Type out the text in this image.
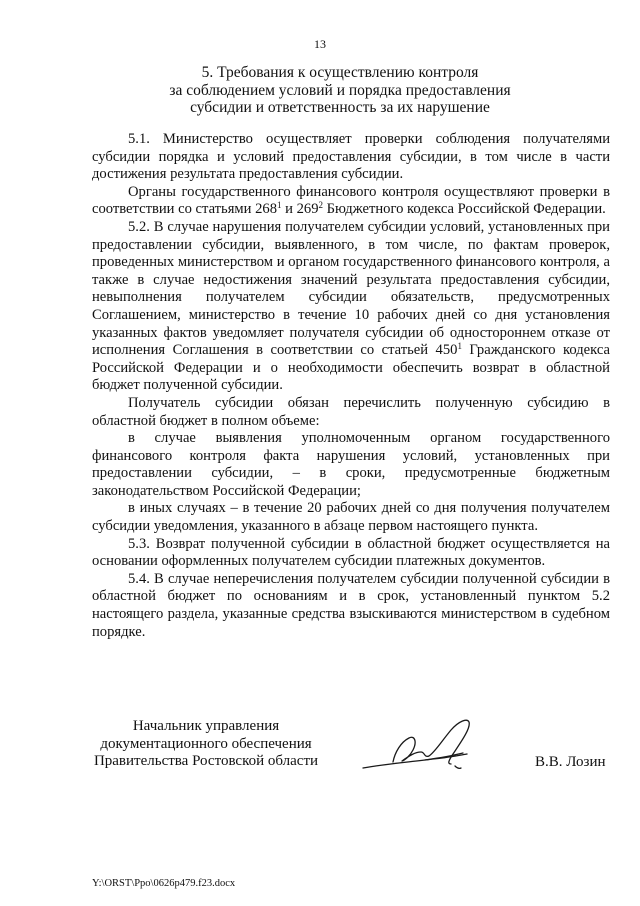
13
5. Требования к осуществлению контроля
за соблюдением условий и порядка предоставления
субсидии и ответственность за их нарушение

5.1. Министерство осуществляет проверки соблюдения получателями субсидии порядка и условий предоставления субсидии, в том числе в части достижения результата предоставления субсидии.

Органы государственного финансового контроля осуществляют проверки в соответствии со статьями $268^1$ и $269^2$ Бюджетного кодекса Российской Федерации.

5.2. В случае нарушения получателем субсидии условий, установленных при предоставлении субсидии, выявленного, в том числе, по фактам проверок, проведенных министерством и органом государственного финансового контроля, а также в случае недостижения значений результата предоставления субсидии, невыполнения получателем субсидии обязательств, предусмотренных Соглашением, министерство в течение 10 рабочих дней со дня установления указанных фактов уведомляет получателя субсидии об одностороннем отказе от исполнения Соглашения в соответствии со статьей $450^1$ Гражданского кодекса Российской Федерации и о необходимости обеспечить возврат в областной бюджет полученной субсидии.

Получатель субсидии обязан перечислить полученную субсидию в областной бюджет в полном объеме:

в случае выявления уполномоченным органом государственного финансового контроля факта нарушения условий, установленных при предоставлении субсидии, – в сроки, предусмотренные бюджетным законодательством Российской Федерации;

в иных случаях – в течение 20 рабочих дней со дня получения получателем субсидии уведомления, указанного в абзаце первом настоящего пункта.

5.3. Возврат полученной субсидии в областной бюджет осуществляется на основании оформленных получателем субсидии платежных документов.

5.4. В случае неперечисления получателем субсидии полученной субсидии в областной бюджет по основаниям и в срок, установленный пунктом 5.2 настоящего раздела, указанные средства взыскиваются министерством в судебном порядке.

Начальник управления
документационного обеспечения
Правительства Ростовской области	В.В. Лозин
Y:\ORST\Ppo\0626p479.f23.docx
